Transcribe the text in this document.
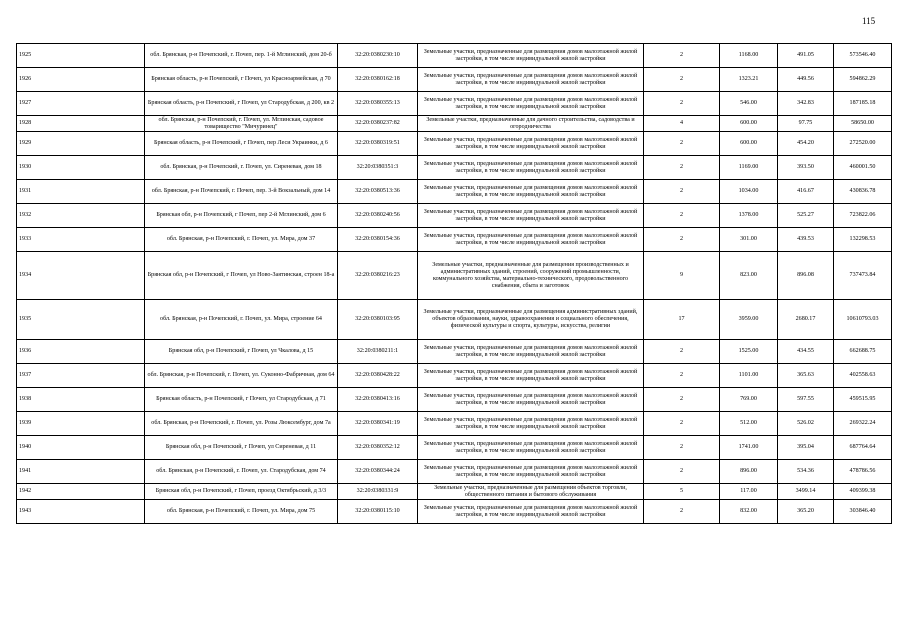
115
1925	обл. Брянская, р-н Почепский, г. Почеп, пер. 1-й Мглинский, дом 20-б	32:20:0380230:10	Земельные участки, предназначенные для размещения домов малоэтажной жилой застройки, в том числе индивидуальной жилой застройки	2	1168.00	491.05	573546.40
1926	Брянская область, р-н Почепский, г Почеп, ул Красноармейская, д 70	32:20:0380162:18	Земельные участки, предназначенные для размещения домов малоэтажной жилой застройки, в том числе индивидуальной жилой застройки	2	1323.21	449.56	594862.29
1927	Брянская область, р-н Почепский, г Почеп, ул Стародубская, д 200, кв 2	32:20:0380355:13	Земельные участки, предназначенные для размещения домов малоэтажной жилой застройки, в том числе индивидуальной жилой застройки	2	546.00	342.83	187185.18
1928	обл. Брянская, р-н Почепский, г. Почеп, ул. Мглинская, садовое товарищество "Мичуринец"	32:20:0380237:82	Земельные участки, предназначенные для дачного строительства, садоводства и огородничества	4	600.00	97.75	58650.00
1929	Брянская область, р-н Почепский, г Почеп, пер Леси Украинки, д 6	32:20:0380319:51	Земельные участки, предназначенные для размещения домов малоэтажной жилой застройки, в том числе индивидуальной жилой застройки	2	600.00	454.20	272520.00
1930	обл. Брянская, р-н Почепский, г. Почеп, ул. Сиреневая, дом 18	32:20:0380351:3	Земельные участки, предназначенные для размещения домов малоэтажной жилой застройки, в том числе индивидуальной жилой застройки	2	1169.00	393.50	460001.50
1931	обл. Брянская, р-н Почепский, г. Почеп, пер. 3-й Вокзальный, дом 14	32:20:0380513:36	Земельные участки, предназначенные для размещения домов малоэтажной жилой застройки, в том числе индивидуальной жилой застройки	2	1034.00	416.67	430836.78
1932	Брянская обл, р-н Почепский, г Почеп, пер 2-й Мглинский, дом 6	32:20:0380240:56	Земельные участки, предназначенные для размещения домов малоэтажной жилой застройки, в том числе индивидуальной жилой застройки	2	1378.00	525.27	723822.06
1933	обл. Брянская, р-н Почепский, г. Почеп, ул. Мира, дом 37	32:20:0380154:36	Земельные участки, предназначенные для размещения домов малоэтажной жилой застройки, в том числе индивидуальной жилой застройки	2	301.00	439.53	132298.53
1934	Брянская обл, р-н Почепский, г Почеп, ул Ново-Заятинская, строен 18-а	32:20:0380216:23	Земельные участки, предназначенные для размещения производственных и административных зданий, строений, сооружений промышленности, коммунального хозяйства, материально-технического, продовольственного снабжения, сбыта и заготовок	9	823.00	896.08	737473.84
1935	обл. Брянская, р-н Почепский, г. Почеп, ул. Мира, строение 64	32:20:0380103:95	Земельные участки, предназначенные для размещения административных зданий, объектов образования, науки, здравоохранения и социального обеспечения, физической культуры и спорта, культуры, искусства, религии	17	3959.00	2680.17	10610793.03
1936	Брянская обл, р-н Почепский, г Почеп, ул Чкалова, д 15	32:20:0380211:1	Земельные участки, предназначенные для размещения домов малоэтажной жилой застройки, в том числе индивидуальной жилой застройки	2	1525.00	434.55	662688.75
1937	обл. Брянская, р-н Почепский, г. Почеп, ул. Суконно-Фабричная, дом 64	32:20:0380428:22	Земельные участки, предназначенные для размещения домов малоэтажной жилой застройки, в том числе индивидуальной жилой застройки	2	1101.00	365.63	402558.63
1938	Брянская область, р-н Почепский, г Почеп, ул Стародубская, д 71	32:20:0380413:16	Земельные участки, предназначенные для размещения домов малоэтажной жилой застройки, в том числе индивидуальной жилой застройки	2	769.00	597.55	459515.95
1939	обл. Брянская, р-н Почепский, г. Почеп, ул. Розы Люксембург, дом 7а	32:20:0380341:19	Земельные участки, предназначенные для размещения домов малоэтажной жилой застройки, в том числе индивидуальной жилой застройки	2	512.00	526.02	269322.24
1940	Брянская обл, р-н Почепский, г Почеп, ул Сиреневая, д 11	32:20:0380352:12	Земельные участки, предназначенные для размещения домов малоэтажной жилой застройки, в том числе индивидуальной жилой застройки	2	1741.00	395.04	687764.64
1941	обл. Брянская, р-н Почепский, г. Почеп, ул. Стародубская, дом 74	32:20:0380344:24	Земельные участки, предназначенные для размещения домов малоэтажной жилой застройки, в том числе индивидуальной жилой застройки	2	896.00	534.36	478786.56
1942	Брянская обл, р-н Почепский, г Почеп, проезд Октябрьский, д 3/3	32:20:0380331:9	Земельные участки, предназначенные для размещения объектов торговли, общественного питания и бытового обслуживания	5	117.00	3499.14	409399.38
1943	обл. Брянская, р-н Почепский, г. Почеп, ул. Мира, дом 75	32:20:0380115:10	Земельные участки, предназначенные для размещения домов малоэтажной жилой застройки, в том числе индивидуальной жилой застройки	2	832.00	365.20	303846.40
